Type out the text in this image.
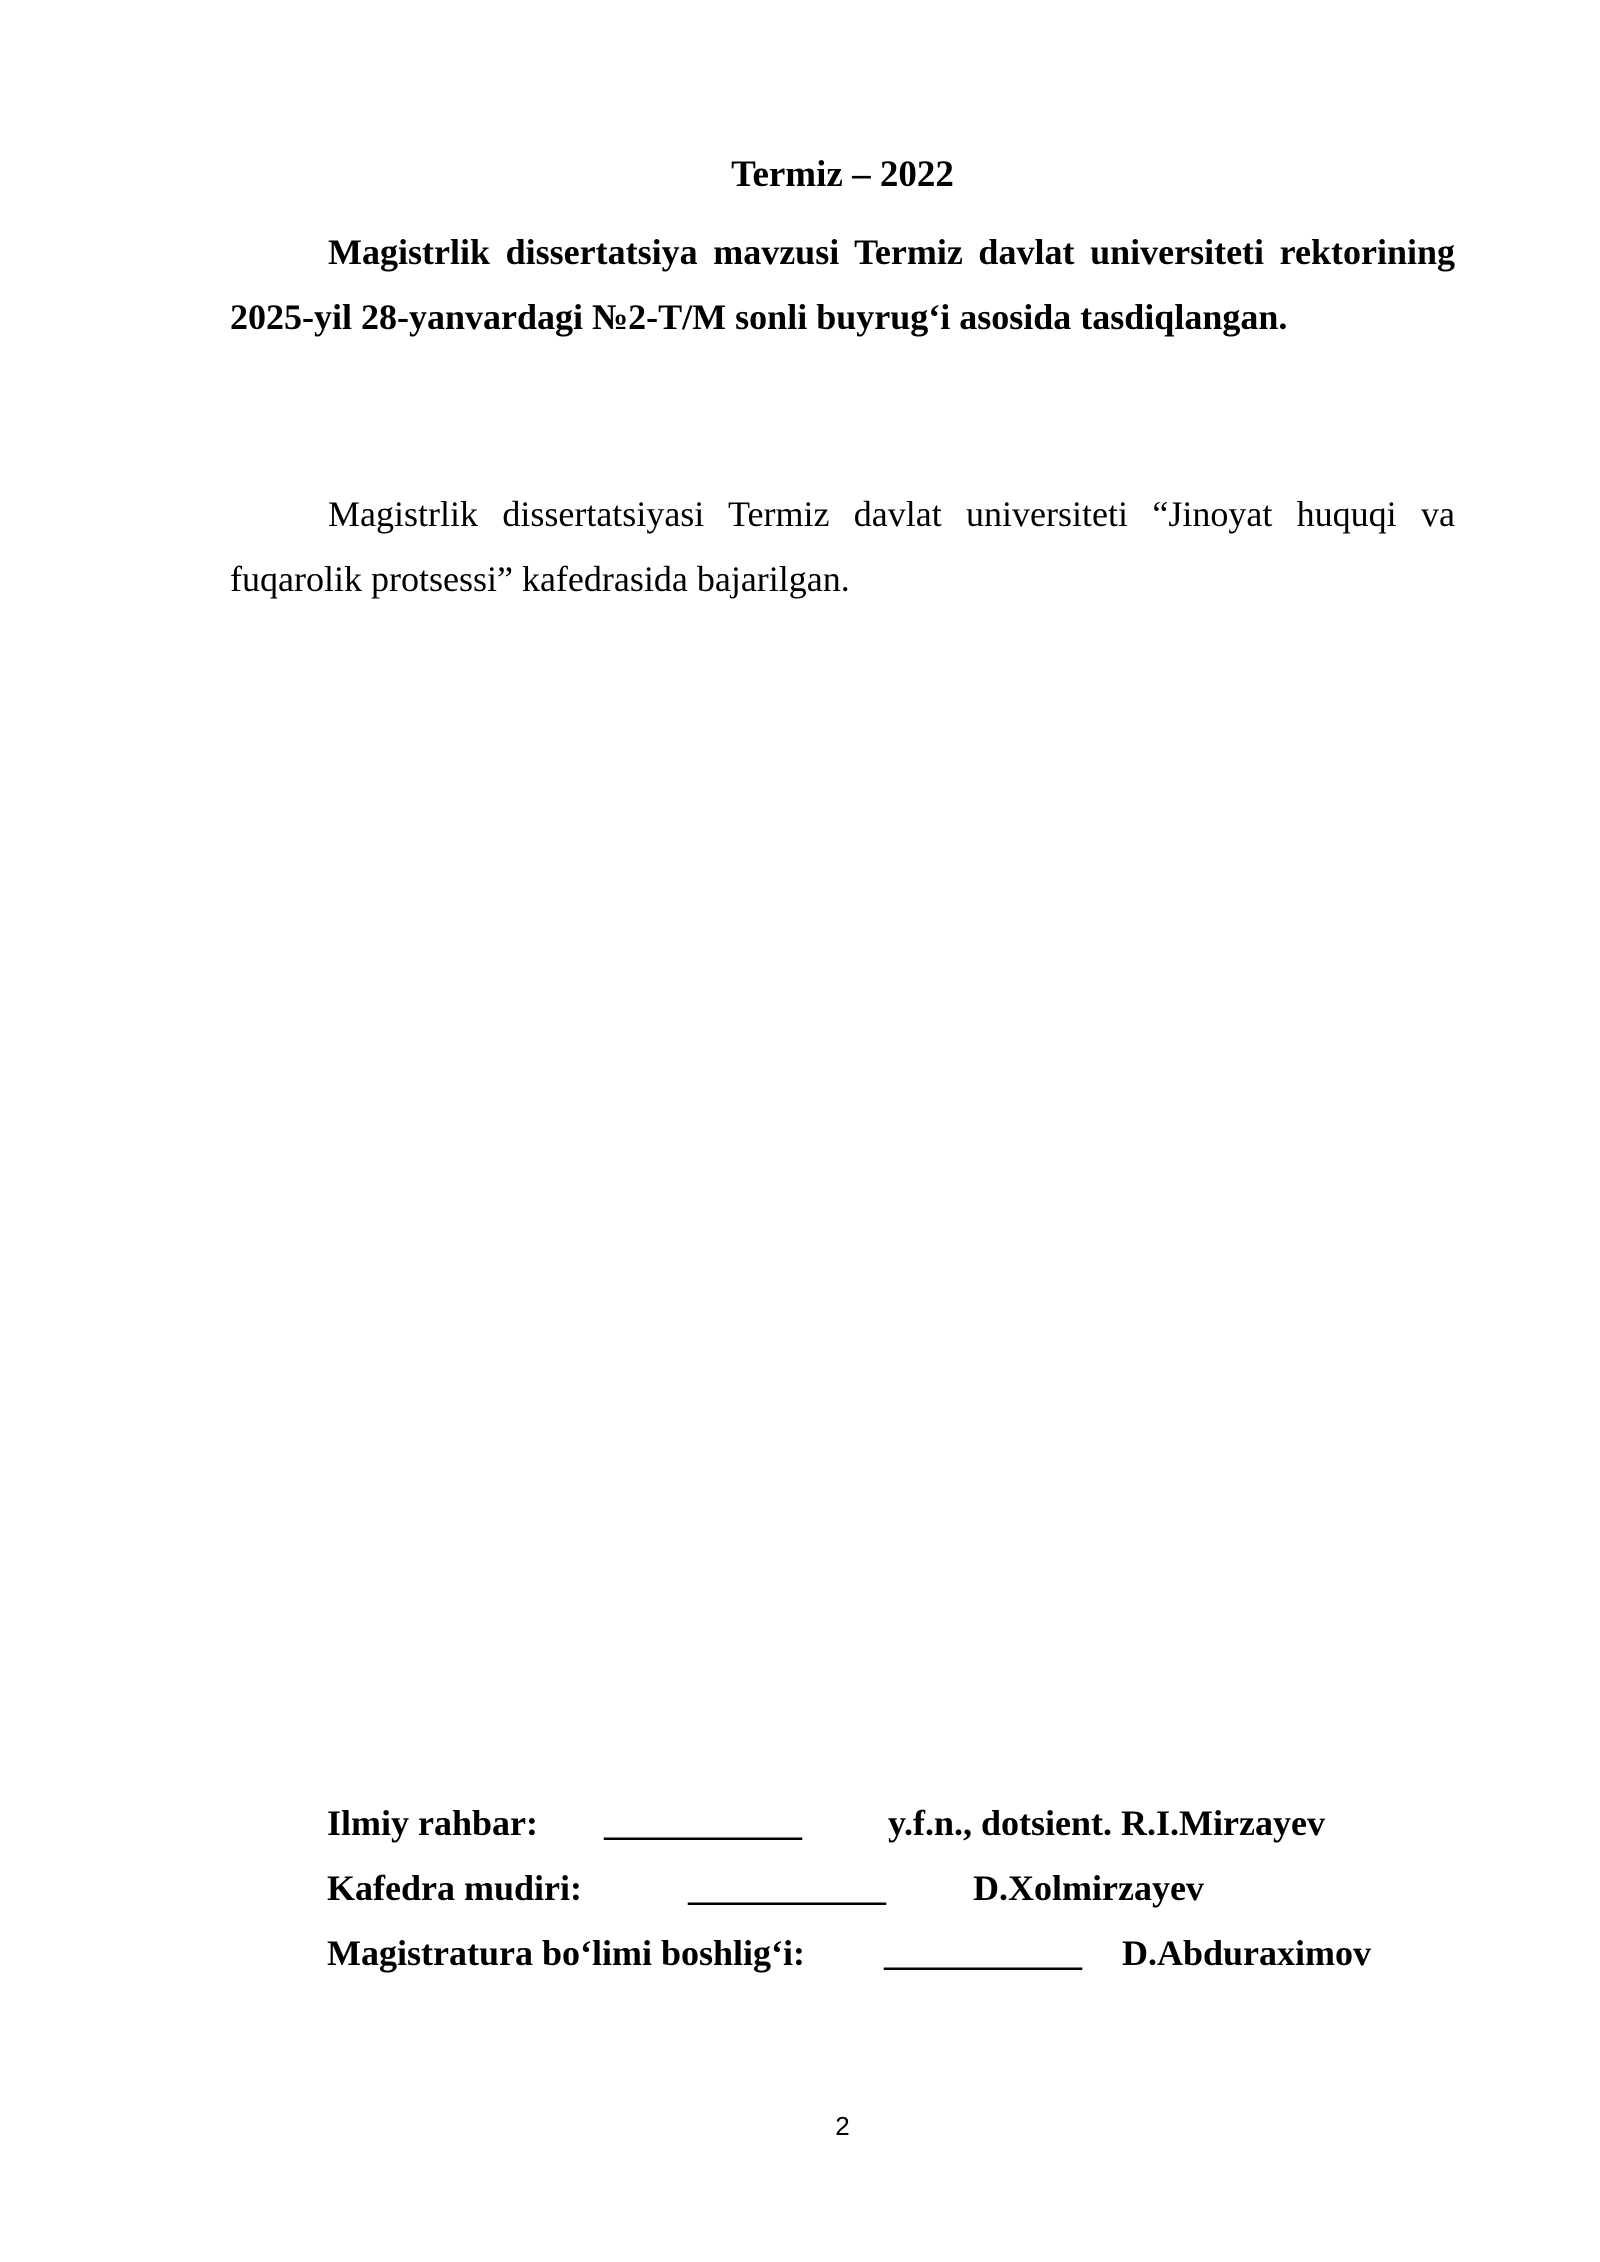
Termiz – 2022

Magistrlik dissertatsiya mavzusi Termiz davlat universiteti rektorining 2025-yil 28-yanvardagi №2-T/M sonli buyrug‘i asosida tasdiqlangan.

Magistrlik dissertatsiyasi Termiz davlat universiteti “Jinoyat huquqi va fuqarolik protsessi” kafedrasida bajarilgan.

Ilmiy rahbar: ___________ y.f.n., dotsient. R.I.Mirzayev
Kafedra mudiri:	___________ D.Xolmirzayev
Magistratura bo‘limi boshlig‘i: ___________ D.Abduraximov
2
